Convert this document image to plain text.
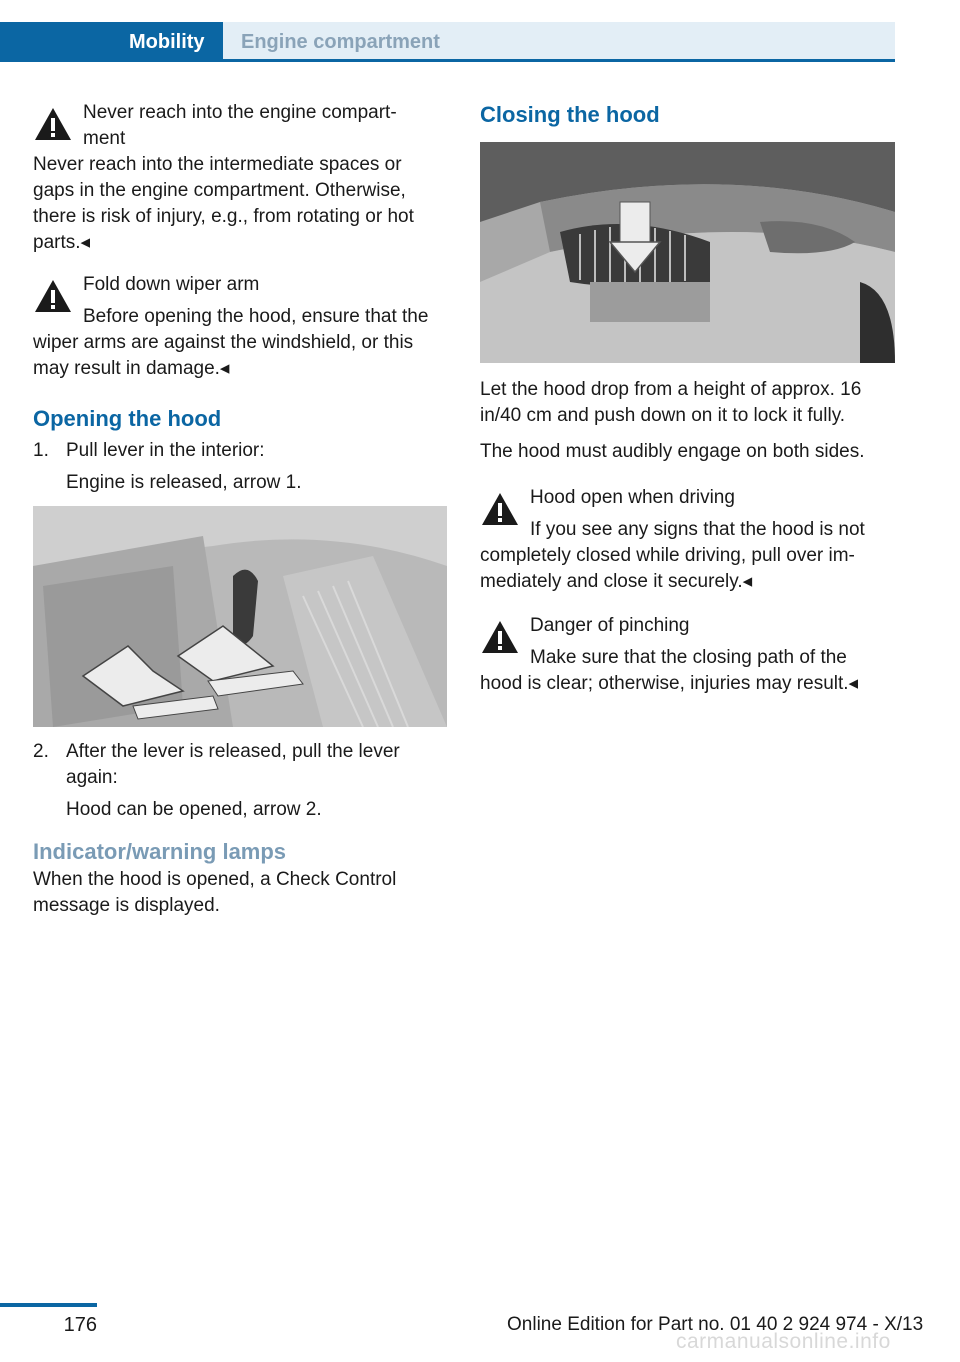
Mobility	Engine compartment

Never reach into the engine compart‐

ment

Never reach into the intermediate spaces or gaps in the engine compartment. Otherwise, there is risk of injury, e.g., from rotating or hot parts.◂

Fold down wiper arm

Before opening the hood, ensure that the

wiper arms are against the windshield, or this may result in damage.◂

Opening the hood
1. Pull lever in the interior:

Engine is released, arrow 1.

2. After the lever is released, pull the lever again:

Hood can be opened, arrow 2.

Indicator/warning lamps

When the hood is opened, a Check Control message is displayed.

Closing the hood

Let the hood drop from a height of approx. 16 in/40 cm and push down on it to lock it fully.

The hood must audibly engage on both sides.

Hood open when driving

If you see any signs that the hood is not

completely closed while driving, pull over im‐ mediately and close it securely.◂

Danger of pinching

Make sure that the closing path of the

hood is clear; otherwise, injuries may result.◂

176	Online Edition for Part no. 01 40 2 924 974 - X/13
carmanualsonline.info
